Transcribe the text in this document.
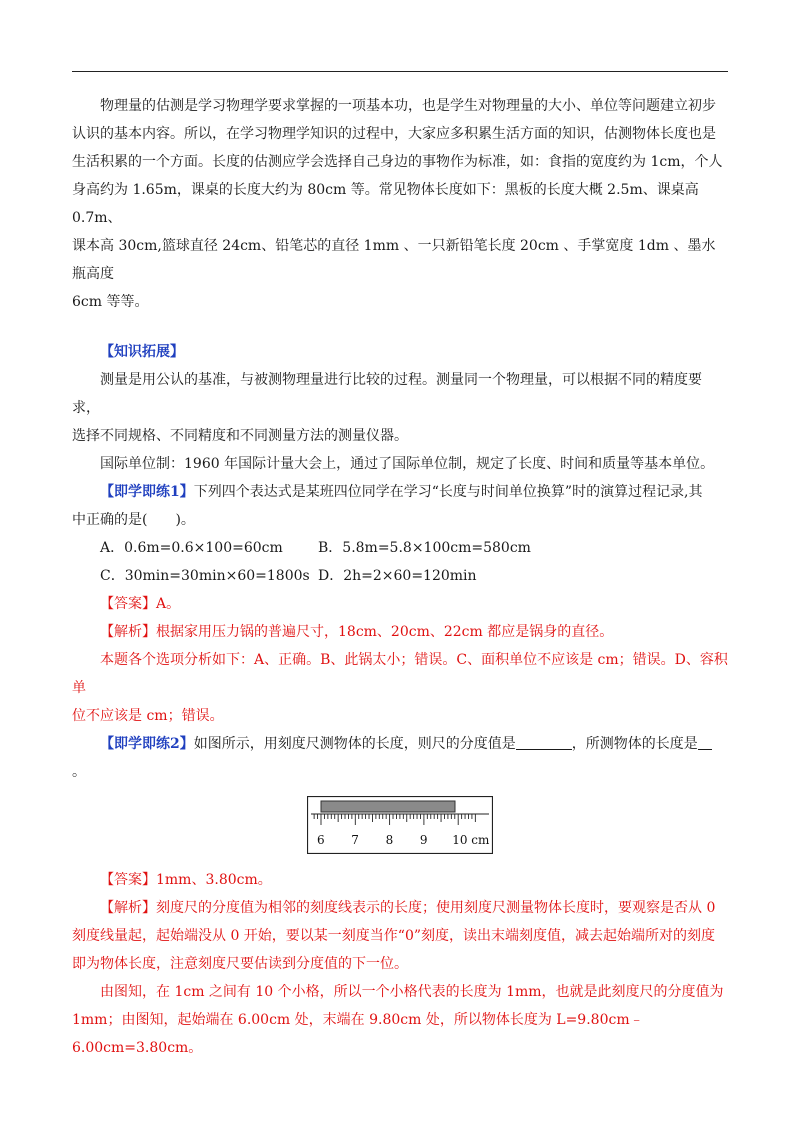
物理量的估测是学习物理学要求掌握的一项基本功，也是学生对物理量的大小、单位等问题建立初步

认识的基本内容。所以，在学习物理学知识的过程中，大家应多积累生活方面的知识，估测物体长度也是

生活积累的一个方面。长度的估测应学会选择自己身边的事物作为标准，如：食指的宽度约为 1cm，个人

身高约为 1.65m，课桌的长度大约为 80cm 等。常见物体长度如下：黑板的长度大概 2.5m、课桌高 0.7m、

课本高 30cm,篮球直径 24cm、铅笔芯的直径 1mm 、一只新铅笔长度 20cm 、手掌宽度 1dm 、墨水瓶高度

6cm 等等。

【知识拓展】

测量是用公认的基准，与被测物理量进行比较的过程。测量同一个物理量，可以根据不同的精度要求，

选择不同规格、不同精度和不同测量方法的测量仪器。

国际单位制：1960 年国际计量大会上，通过了国际单位制，规定了长度、时间和质量等基本单位。

【即学即练1】下列四个表达式是某班四位同学在学习“长度与时间单位换算”时的演算过程记录,其

中正确的是(　　)。

A．0.6m=0.6×100=60cm	B．5.8m=5.8×100cm=580cm
C．30min=30min×60=1800s D．2h=2×60=120min

【答案】A。

【解析】根据家用压力锅的普遍尺寸，18cm、20cm、22cm 都应是锅身的直径。

本题各个选项分析如下：A、正确。B、此锅太小；错误。C、面积单位不应该是 cm；错误。D、容积单

位不应该是 cm；错误。

【即学即练2】如图所示，用刻度尺测物体的长度，则尺的分度值是	，所测物体的长度是

。

6 7 8 9 10 cm

【答案】1mm、3.80cm。

【解析】刻度尺的分度值为相邻的刻度线表示的长度；使用刻度尺测量物体长度时，要观察是否从 0

刻度线量起，起始端没从 0 开始，要以某一刻度当作“0”刻度，读出末端刻度值，减去起始端所对的刻度

即为物体长度，注意刻度尺要估读到分度值的下一位。

由图知，在 1cm 之间有 10 个小格，所以一个小格代表的长度为 1mm，也就是此刻度尺的分度值为

1mm；由图知，起始端在 6.00cm 处，末端在 9.80cm 处，所以物体长度为 L=9.80cm﹣6.00cm=3.80cm。
